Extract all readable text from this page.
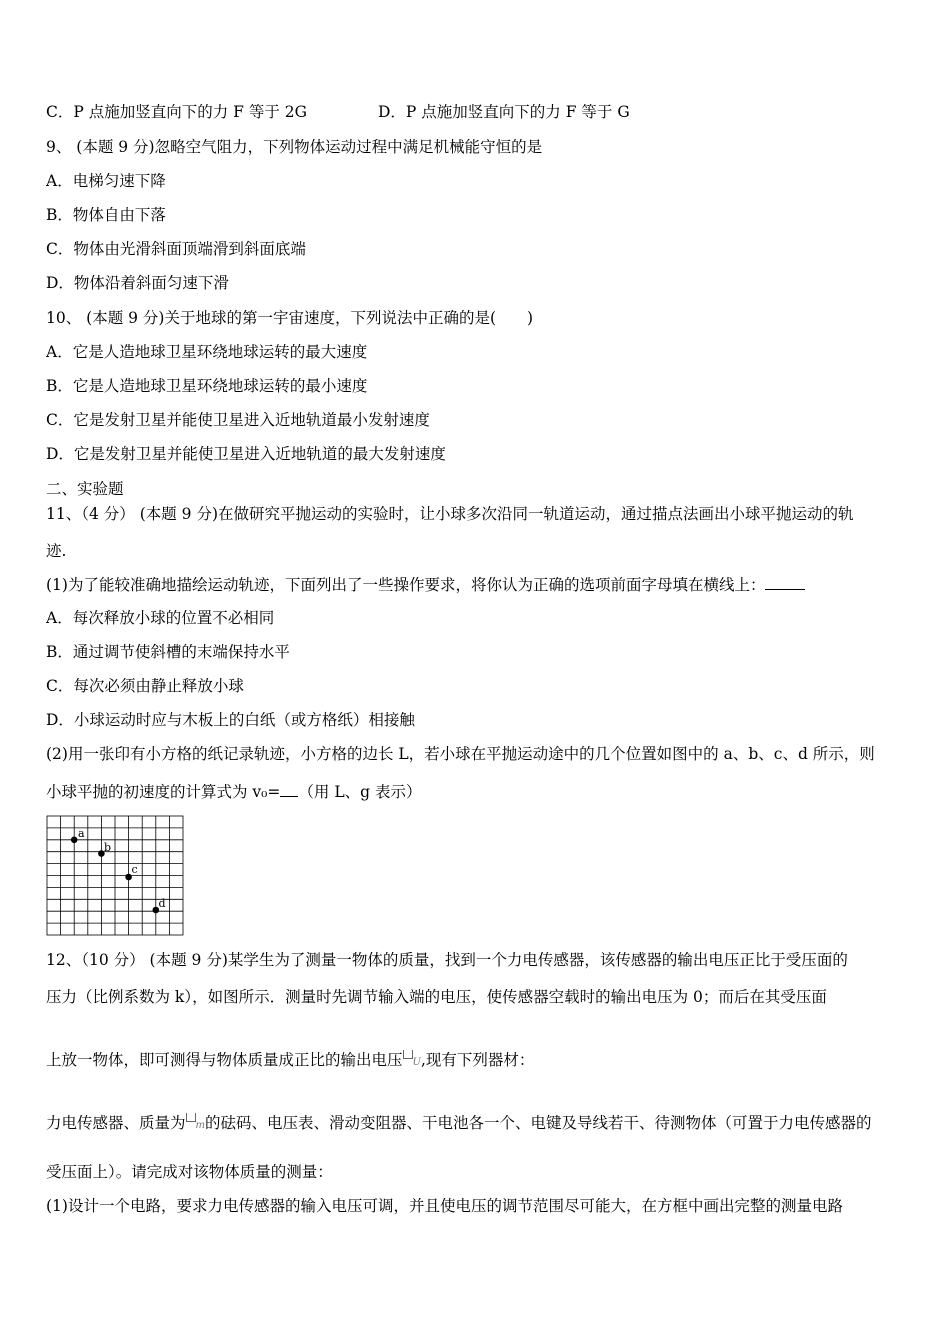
C．P 点施加竖直向下的力 F 等于 2G	D．P 点施加竖直向下的力 F 等于 G
9、 (本题 9 分)忽略空气阻力，下列物体运动过程中满足机械能守恒的是
A．电梯匀速下降
B．物体自由下落
C．物体由光滑斜面顶端滑到斜面底端
D．物体沿着斜面匀速下滑
10、 (本题 9 分)关于地球的第一宇宙速度，下列说法中正确的是(　　)
A．它是人造地球卫星环绕地球运转的最大速度
B．它是人造地球卫星环绕地球运转的最小速度
C．它是发射卫星并能使卫星进入近地轨道最小发射速度
D．它是发射卫星并能使卫星进入近地轨道的最大发射速度
二、实验题
11、（4 分） (本题 9 分)在做研究平抛运动的实验时，让小球多次沿同一轨道运动，通过描点法画出小球平抛运动的轨
迹.
(1)为了能较准确地描绘运动轨迹，下面列出了一些操作要求，将你认为正确的选项前面字母填在横线上：
A．每次释放小球的位置不必相同
B．通过调节使斜槽的末端保持水平
C．每次必须由静止释放小球
D．小球运动时应与木板上的白纸（或方格纸）相接触
(2)用一张印有小方格的纸记录轨迹，小方格的边长 L，若小球在平抛运动途中的几个位置如图中的 a、b、c、d 所示，则
小球平抛的初速度的计算式为 v₀= （用 L、g 表示）
a
b
c
d
12、（10 分） (本题 9 分)某学生为了测量一物体的质量，找到一个力电传感器，该传感器的输出电压正比于受压面的
压力（比例系数为 k），如图所示．测量时先调节输入端的电压，使传感器空载时的输出电压为 0；而后在其受压面
上放一物体，即可测得与物体质量成正比的输出电压 U,现有下列器材：
力电传感器、质量为 m的砝码、电压表、滑动变阻器、干电池各一个、电键及导线若干、待测物体（可置于力电传感器的
受压面上）。请完成对该物体质量的测量：
(1)设计一个电路，要求力电传感器的输入电压可调，并且使电压的调节范围尽可能大，在方框中画出完整的测量电路
